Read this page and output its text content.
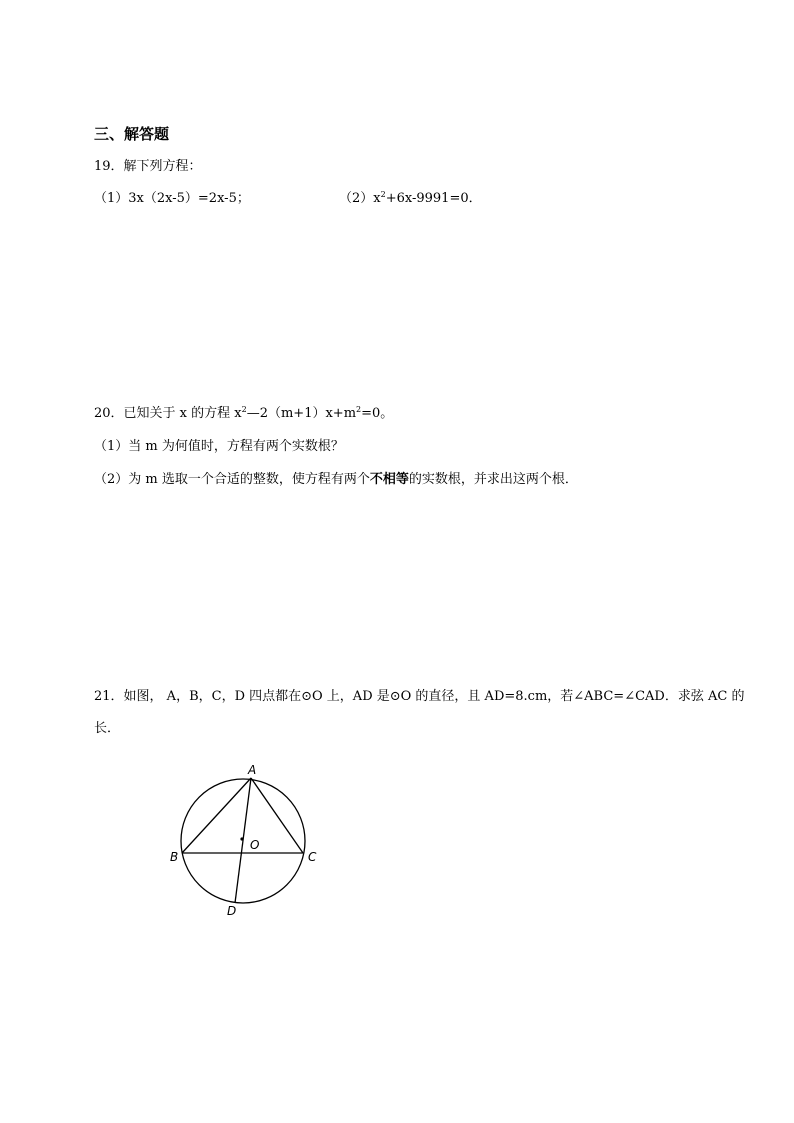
三、解答题
19．解下列方程：
（1）3x（2x-5）=2x-5；	$(2)x^2+6x-9991=0$．
20．已知关于 x 的方程 $x^2—2(m+1)x+m^2=0$。
（1）当 m 为何值时，方程有两个实数根？
（2）为 m 选取一个合适的整数，使方程有两个不相等的实数根，并求出这两个根．
21．如图， A，B，C，D 四点都在⊙O 上，AD 是⊙O 的直径，且 AD=8.cm，若∠ABC=∠CAD．求弦 AC 的
长．
A
B	C
D
O
